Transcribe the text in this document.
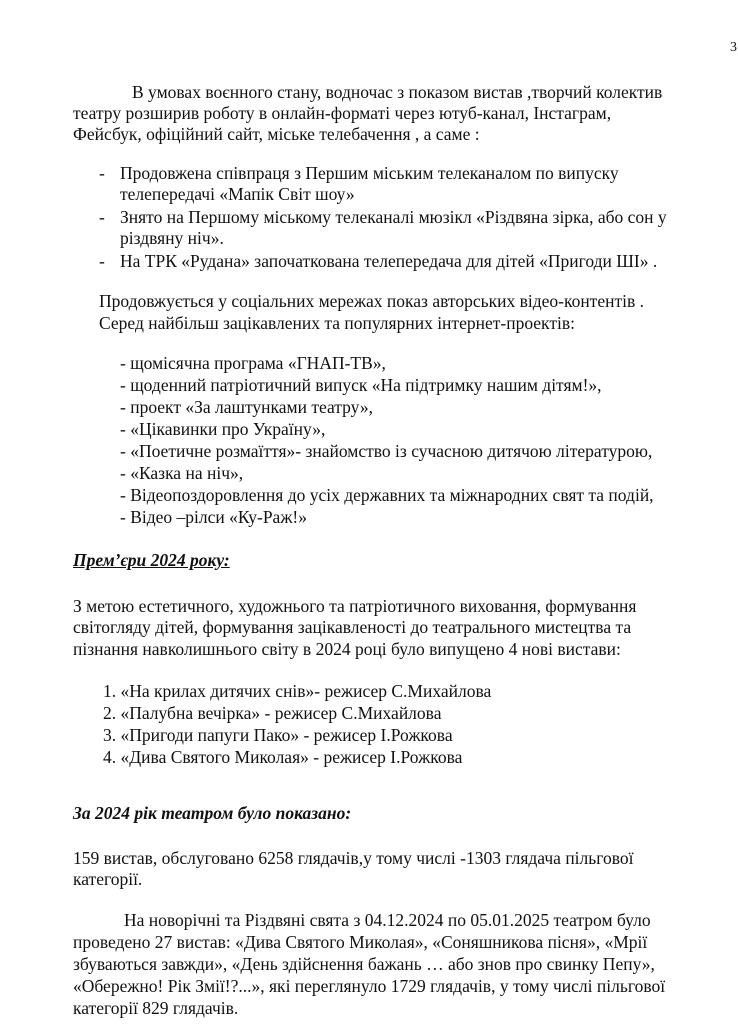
3
В умовах воєнного стану, водночас з показом вистав ,творчий колектив
театру розширив роботу в онлайн-форматі через ютуб-канал, Інстаграм,
Фейсбук, офіційний сайт, міське телебачення , а саме :
- Продовжена співпраця з Першим міським телеканалом по випуску
телепередачі «Мапік Світ шоу»
- Знято на Першому міському телеканалі мюзікл «Різдвяна зірка, або сон у
різдвяну ніч».
- На ТРК «Рудана» започаткована телепередача для дітей «Пригоди ШІ» .
Продовжується у соціальних мережах показ авторських відео-контентів .
Серед найбільш зацікавлених та популярних інтернет-проектів:
- щомісячна програма «ГНАП-ТВ»,
- щоденний патріотичний випуск «На підтримку нашим дітям!»,
- проект «За лаштунками театру»,
- «Цікавинки про Україну»,
- «Поетичне розмаїття»- знайомство із сучасною дитячою літературою,
- «Казка на ніч»,
- Відеопоздоровлення до усіх державних та міжнародних свят та подій,
- Відео –рілси «Ку-Раж!»
Прем’єри 2024 року:
З метою естетичного, художнього та патріотичного виховання, формування
світогляду дітей, формування зацікавленості до театрального мистецтва та
пізнання навколишнього світу в 2024 році було випущено 4 нові вистави:
1. «На крилах дитячих снів»- режисер С.Михайлова
2. «Палубна вечірка» - режисер С.Михайлова
3. «Пригоди папуги Пако» - режисер І.Рожкова
4. «Дива Святого Миколая» - режисер І.Рожкова
За 2024 рік театром було показано:
159 вистав, обслуговано 6258 глядачів,у тому числі -1303 глядача пільгової
категорії.
На новорічні та Різдвяні свята з 04.12.2024 по 05.01.2025 театром було
проведено 27 вистав: «Дива Святого Миколая», «Соняшникова пісня», «Мрії
збуваються завжди», «День здійснення бажань … або знов про свинку Пепу»,
«Обережно! Рік Змії!?...», які переглянуло 1729 глядачів, у тому числі пільгової
категорії 829 глядачів.
